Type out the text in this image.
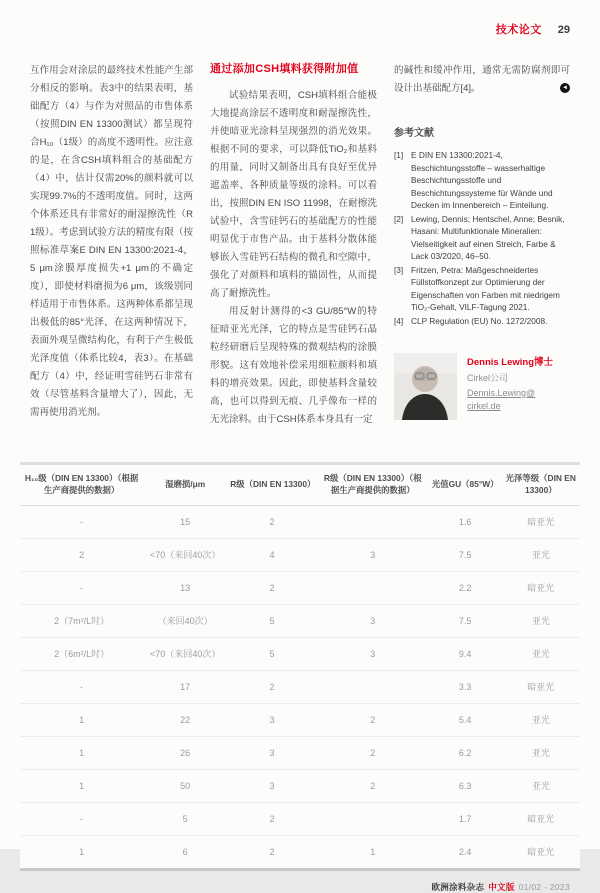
技术论文 29

互作用会对涂层的最终技术性能产生部分相反的影响。表3中的结果表明，基础配方（4）与作为对照品的市售体系（按照DIN EN 13300测试）都呈现符合H₁₀（1级）的高度不透明性。应注意的是，在含CSH填料组合的基础配方（4）中，估计仅需20%的颜料就可以实现99.7%的不透明度值。同时，这两个体系还具有非常好的耐湿擦洗性（R 1级）。考虑到试验方法的精度有限（按照标准草案E DIN EN 13300:2021-4，5 μm涂膜厚度损失+1 μm的不确定度），即使材料磨损为6 μm，该级别同样适用于市售体系。这两种体系都呈现出极低的85°光泽，在这两种情况下，表面外观呈微结构化，有利于产生极低光泽度值（体系比较4，表3）。在基础配方（4）中，经证明雪硅钙石非常有效（尽管基料含量增大了），因此，无需再使用消光剂。

通过添加CSH填料获得附加值

试验结果表明，CSH填料组合能极大地提高涂层不透明度和耐湿擦洗性，并使暗亚光涂料呈现强烈的消光效果。根据不同的要求，可以降低TiO₂和基料的用量，同时又制备出具有良好至优异遮盖率、各种质量等级的涂料。可以看出，按照DIN EN ISO 11998，在耐擦洗试验中，含雪硅钙石的基础配方的性能明显优于市售产品。由于基料分散体能够嵌入雪硅钙石结构的微孔和空隙中，强化了对颜料和填料的锚固性，从而提高了耐擦洗性。

用反射计测得的<3 GU/85°W的特征暗亚光光泽，它的特点是雪硅钙石晶粒经研磨后呈现特殊的微观结构的涂膜形貌。这有效地补偿采用细粒颜料和填料的增亮效果。因此，即使基料含量较高，也可以得到无痕、几乎像布一样的无光涂料。由于CSH体系本身具有一定

的碱性和缓冲作用，通常无需防腐剂即可设计出基础配方[4]。	◄
参考文献
[1] E DIN EN 13300:2021-4, Beschichtungsstoffe – wasserhaltige Beschichtungsstoffe und Beschichtungssysteme für Wände und Decken im Innenbereich – Einteilung.
[2] Lewing, Dennis; Hentschel, Anne; Besnik, Hasani: Multifunktionale Mineralien: Vielseitigkeit auf einen Streich, Farbe & Lack 03/2020, 46–50.
[3] Fritzen, Petra: Maßgeschneidertes Füllstoffkonzept zur Optimierung der Eigenschaften von Farben mit niedrigem TiO₂-Gehalt, VILF-Tagung 2021.
[4] CLP Regulation (EU) No. 1272/2008.
Dennis Lewing博士
Cirkel公司
Dennis.Lewing@
cirkel.de
H₁₀级（DIN EN 13300）（根据生产商提供的数据）	湿磨损/μm	R级（DIN EN 13300）	R级（DIN EN 13300）（根据生产商提供的数据）	光值GU（85°W）	光泽等级（DIN EN 13300）
-	15	2		1.6	暗亚光
2	<70（来回40次）	4	3	7.5	亚光
-	13	2		2.2	暗亚光
2（7m²/L时）	（来回40次）	5	3	7.5	亚光
2（6m²/L时）	<70（来回40次）	5	3	9.4	亚光
-	17	2		3.3	暗亚光
1	22	3	2	5.4	亚光
1	26	3	2	6.2	亚光
1	50	3	2	6.3	亚光
-	5	2		1.7	暗亚光
1	6	2	1	2.4	暗亚光
欧洲涂料杂志 中文版 01/02 - 2023
